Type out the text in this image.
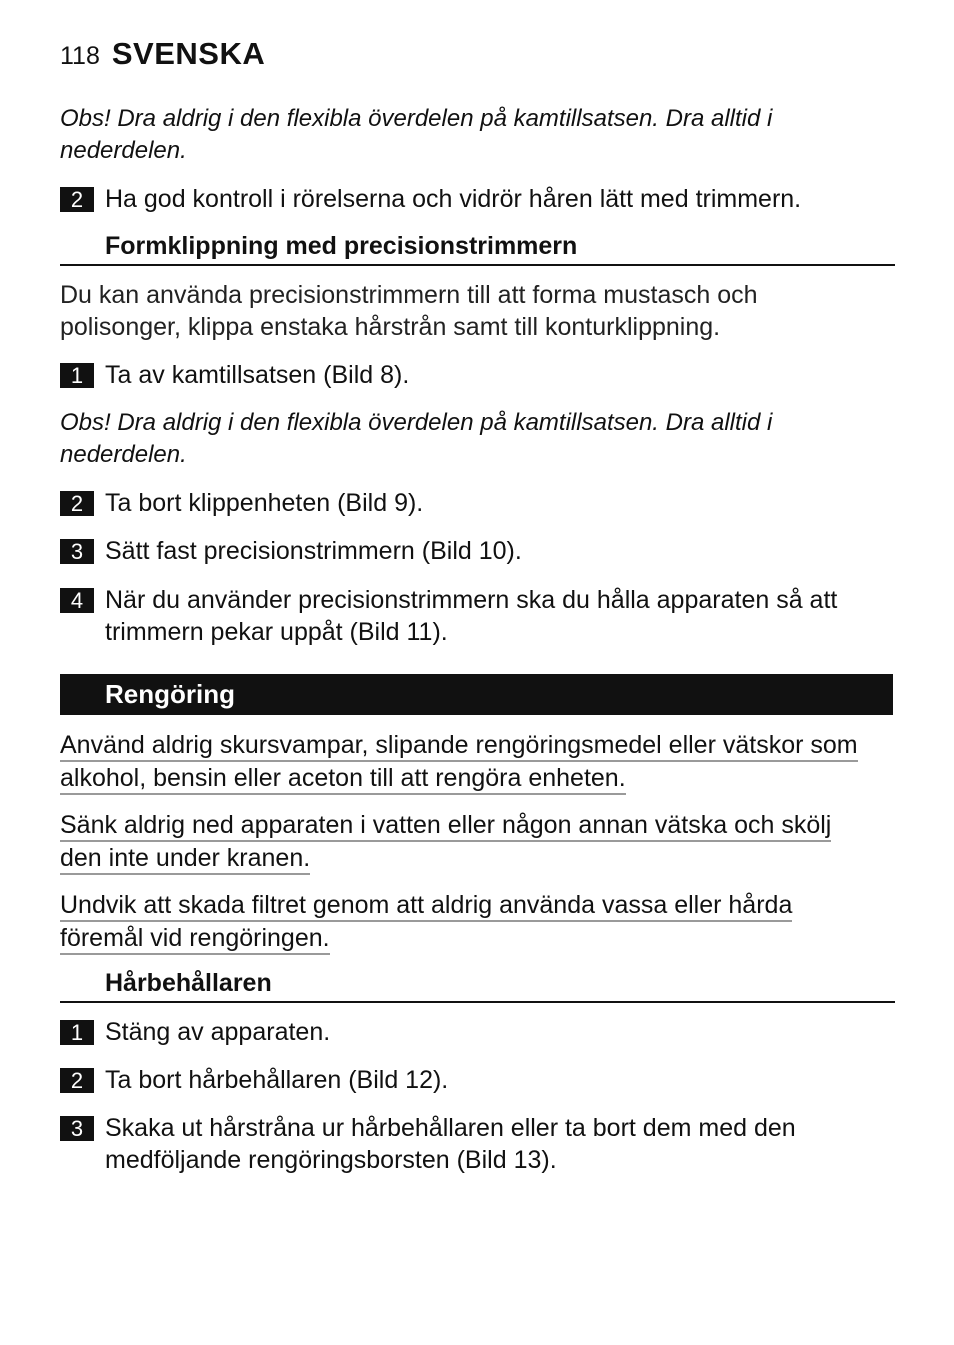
118 SVENSKA
Obs! Dra aldrig i den flexibla överdelen på kamtillsatsen. Dra alltid i
nederdelen.
2 Ha god kontroll i rörelserna och vidrör håren lätt med trimmern.
Formklippning med precisionstrimmern
Du kan använda precisionstrimmern till att forma mustasch och
polisonger, klippa enstaka hårstrån samt till konturklippning.
1 Ta av kamtillsatsen (Bild 8).
Obs! Dra aldrig i den flexibla överdelen på kamtillsatsen. Dra alltid i
nederdelen.
2 Ta bort klippenheten (Bild 9).
3 Sätt fast precisionstrimmern (Bild 10).
4 När du använder precisionstrimmern ska du hålla apparaten så att
trimmern pekar uppåt (Bild 11).
Rengöring
Använd aldrig skursvampar, slipande rengöringsmedel eller vätskor som
alkohol, bensin eller aceton till att rengöra enheten.
Sänk aldrig ned apparaten i vatten eller någon annan vätska och skölj
den inte under kranen.
Undvik att skada filtret genom att aldrig använda vassa eller hårda
föremål vid rengöringen.
Hårbehållaren
1 Stäng av apparaten.
2 Ta bort hårbehållaren (Bild 12).
3 Skaka ut hårstråna ur hårbehållaren eller ta bort dem med den
medföljande rengöringsborsten (Bild 13).
